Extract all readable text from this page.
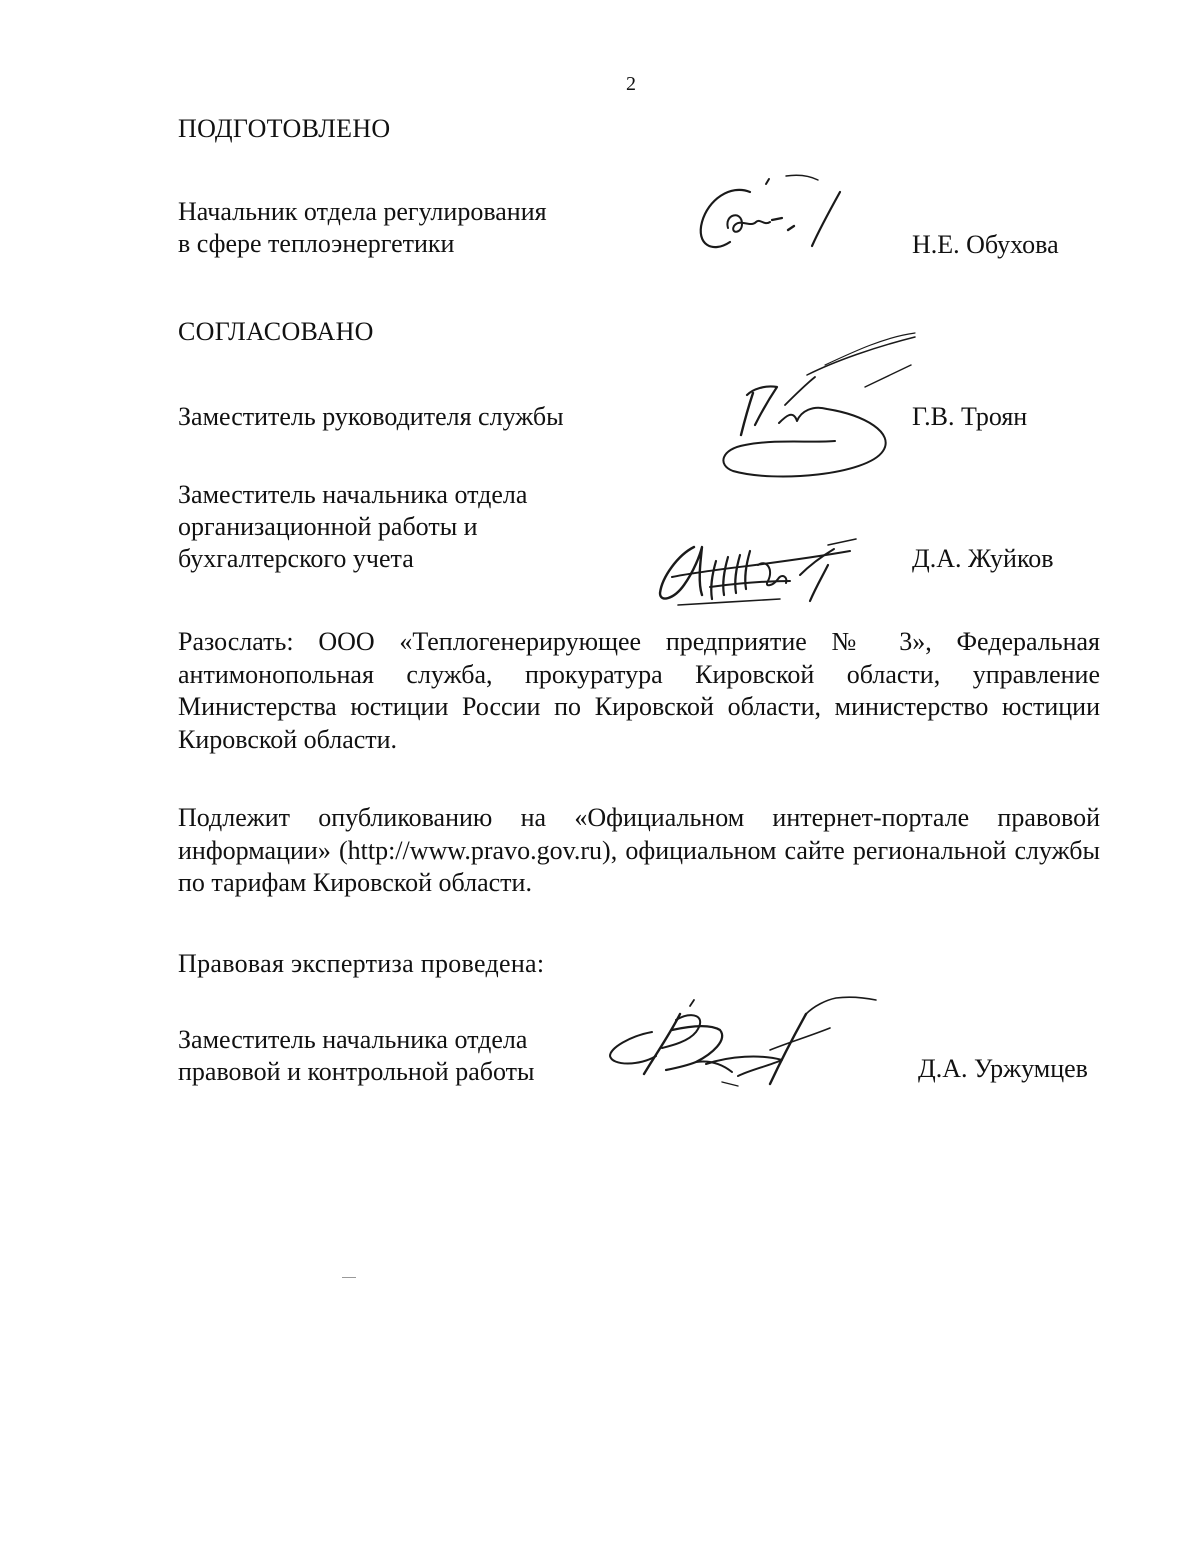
2
ПОДГОТОВЛЕНО
Начальник отдела регулирования
в сфере теплоэнергетики	Н.Е. Обухова
СОГЛАСОВАНО
Заместитель руководителя службы	Г.В. Троян
Заместитель начальника отдела
организационной работы и
бухгалтерского учета	Д.А. Жуйков

Разослать: ООО «Теплогенерирующее предприятие № 3», Федеральная антимонопольная служба, прокуратура Кировской области, управление Министерства юстиции России по Кировской области, министерство юстиции Кировской области.

Подлежит опубликованию на «Официальном интернет-портале правовой информации» (http://www.pravo.gov.ru), официальном сайте региональной службы по тарифам Кировской области.

Правовая экспертиза проведена:
Заместитель начальника отдела
правовой и контрольной работы	Д.А. Уржумцев
